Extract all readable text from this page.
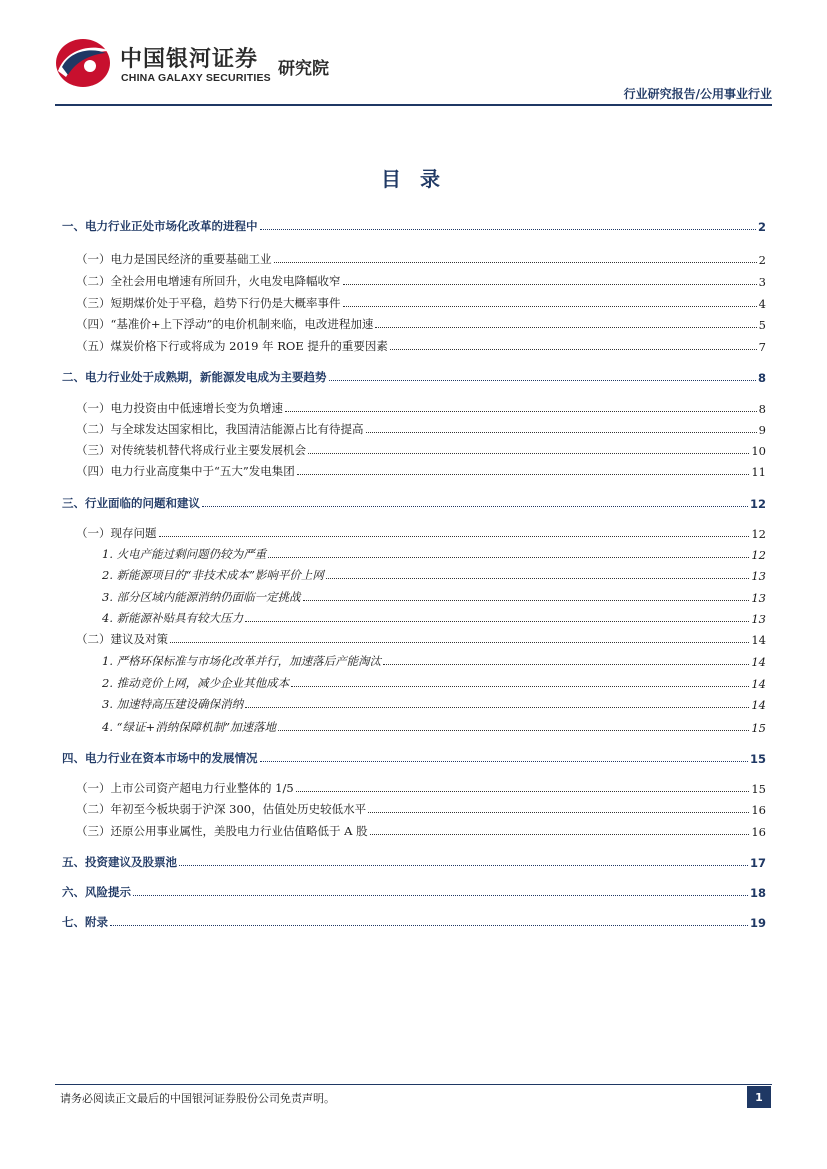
中国银河证券
CHINA GALAXY SECURITIES 研究院
行业研究报告/公用事业行业
目 录
一、电力行业正处市场化改革的进程中	2
（一）电力是国民经济的重要基础工业	2
（二）全社会用电增速有所回升，火电发电降幅收窄	3
（三）短期煤价处于平稳，趋势下行仍是大概率事件	4
（四）“基准价+上下浮动”的电价机制来临，电改进程加速	5
（五）煤炭价格下行或将成为 2019 年 ROE 提升的重要因素	7
二、电力行业处于成熟期，新能源发电成为主要趋势	8
（一）电力投资由中低速增长变为负增速	8
（二）与全球发达国家相比，我国清洁能源占比有待提高	9
（三）对传统装机替代将成行业主要发展机会	10
（四）电力行业高度集中于“五大”发电集团	11
三、行业面临的问题和建议	12
（一）现存问题	12
1. 火电产能过剩问题仍较为严重	12
2. 新能源项目的“非技术成本”影响平价上网	13
3. 部分区域内能源消纳仍面临一定挑战	13
4. 新能源补贴具有较大压力	13
（二）建议及对策	14
1. 严格环保标准与市场化改革并行，加速落后产能淘汰	14
2. 推动竞价上网，减少企业其他成本	14
3. 加速特高压建设确保消纳	14
4. “绿证+消纳保障机制”加速落地	15
四、电力行业在资本市场中的发展情况	15
（一）上市公司资产超电力行业整体的 1/5	15
（二）年初至今板块弱于沪深 300，估值处历史较低水平	16
（三）还原公用事业属性，美股电力行业估值略低于 A 股	16
五、投资建议及股票池	17
六、风险提示	18
七、附录	19
请务必阅读正文最后的中国银河证券股份公司免责声明。	1
